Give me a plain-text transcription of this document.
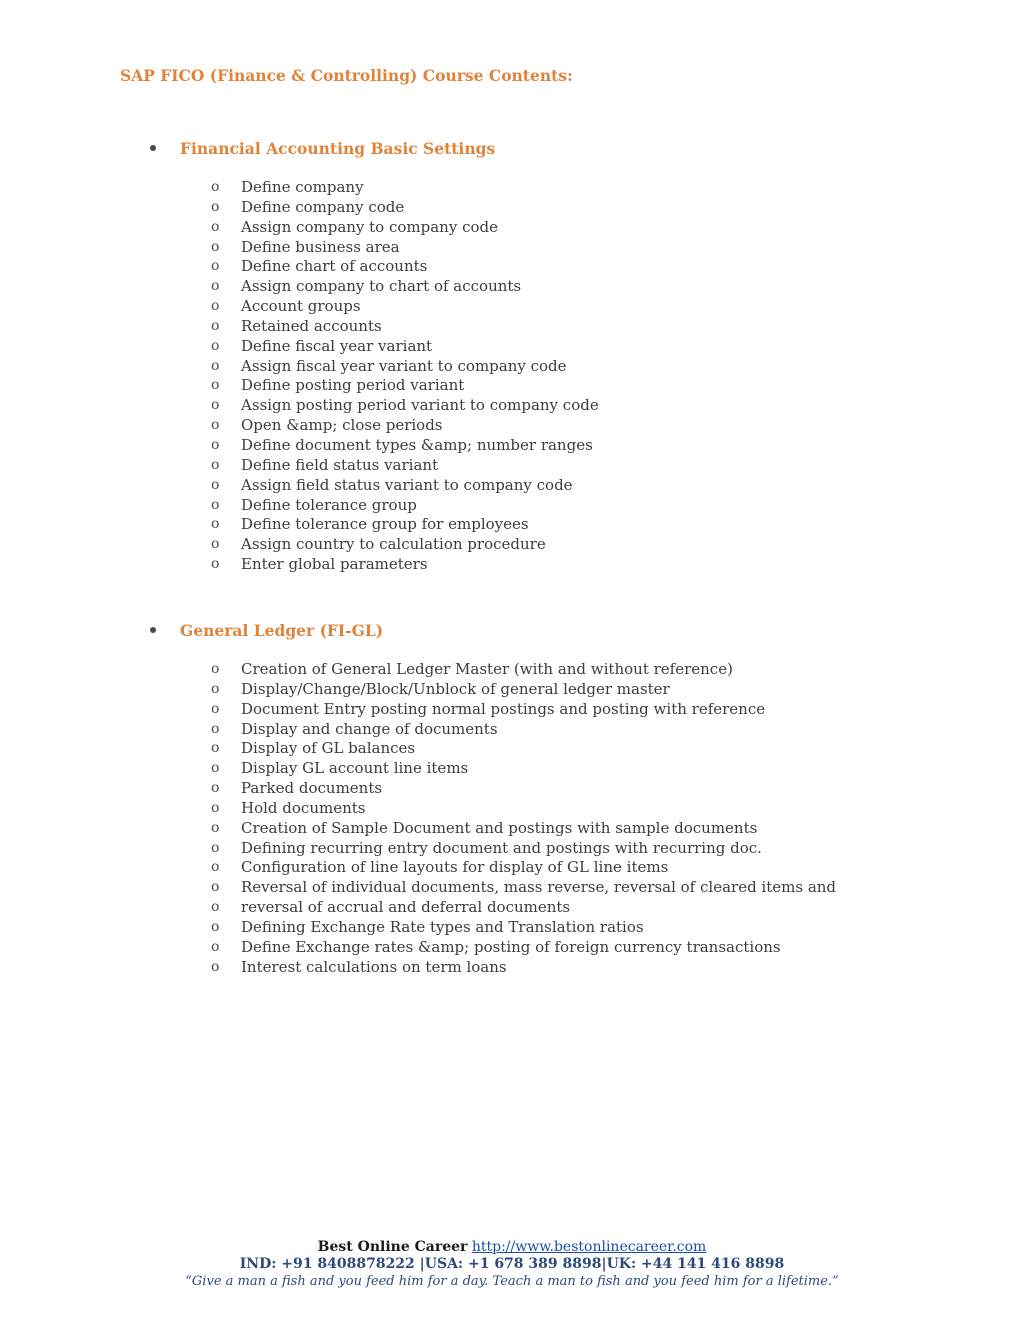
SAP FICO (Finance & Controlling) Course Contents:
Financial Accounting Basic Settings
o Define company
o Define company code
o Assign company to company code
o Define business area
o Define chart of accounts
o Assign company to chart of accounts
o Account groups
o Retained accounts
o Define fiscal year variant
o Assign fiscal year variant to company code
o Define posting period variant
o Assign posting period variant to company code
o Open &amp; close periods
o Define document types &amp; number ranges
o Define field status variant
o Assign field status variant to company code
o Define tolerance group
o Define tolerance group for employees
o Assign country to calculation procedure
o Enter global parameters
General Ledger (FI-GL)
o Creation of General Ledger Master (with and without reference)
o Display/Change/Block/Unblock of general ledger master
o Document Entry posting normal postings and posting with reference
o Display and change of documents
o Display of GL balances
o Display GL account line items
o Parked documents
o Hold documents
o Creation of Sample Document and postings with sample documents
o Defining recurring entry document and postings with recurring doc.
o Configuration of line layouts for display of GL line items
o Reversal of individual documents, mass reverse, reversal of cleared items and
o reversal of accrual and deferral documents
o Defining Exchange Rate types and Translation ratios
o Define Exchange rates &amp; posting of foreign currency transactions
o Interest calculations on term loans
Best Online Career http://www.bestonlinecareer.com
IND: +91 8408878222 |USA: +1 678 389 8898|UK: +44 141 416 8898
“Give a man a fish and you feed him for a day. Teach a man to fish and you feed him for a lifetime.”
